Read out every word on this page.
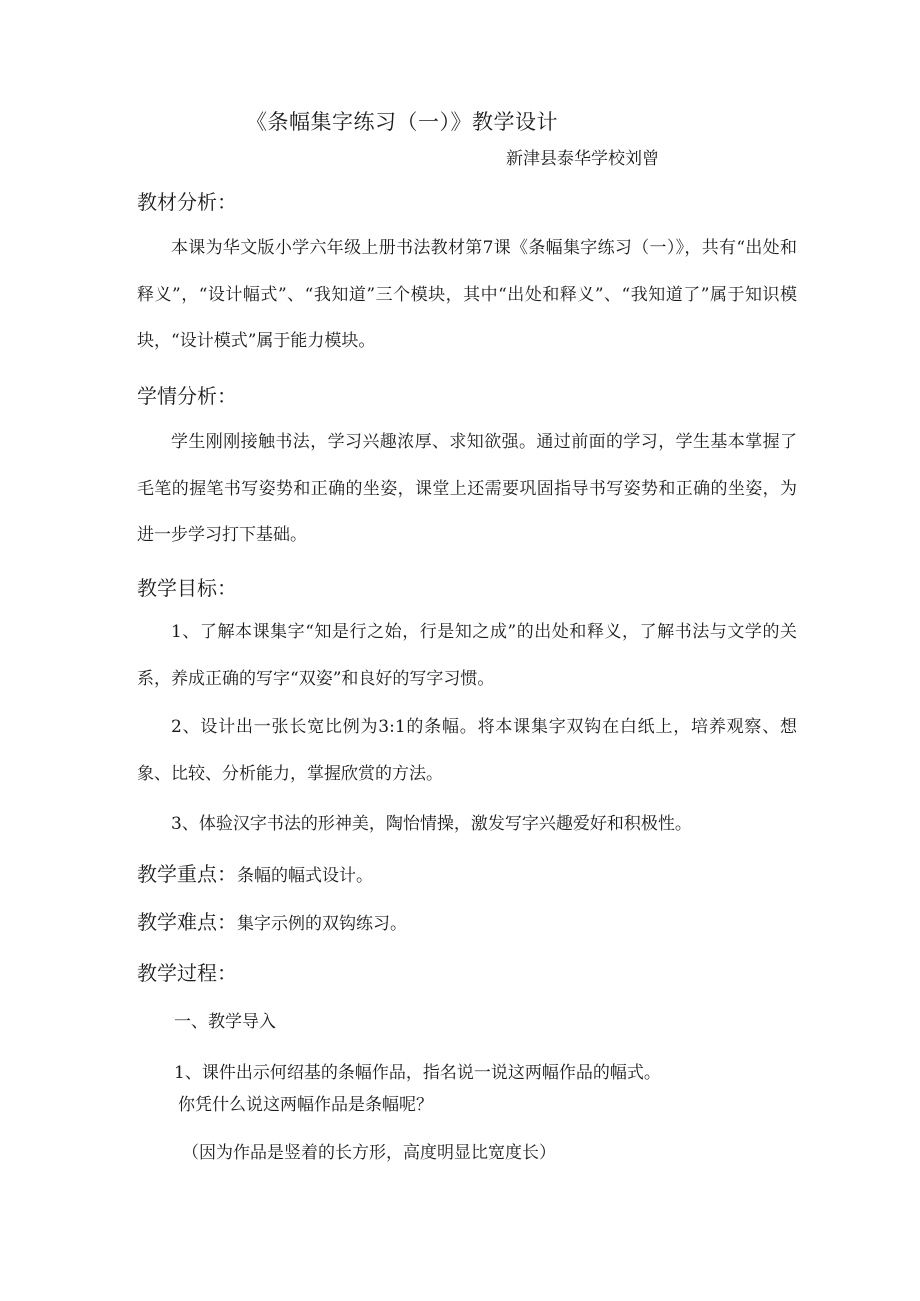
《条幅集字练习（一）》教学设计
新津县泰华学校刘曾
教材分析：

本课为华文版小学六年级上册书法教材第7课《条幅集字练习（一）》，共有“出处和释义”，“设计幅式”、“我知道”三个模块，其中“出处和释义”、“我知道了”属于知识模块，“设计模式”属于能力模块。

学情分析：

学生刚刚接触书法，学习兴趣浓厚、求知欲强。通过前面的学习，学生基本掌握了毛笔的握笔书写姿势和正确的坐姿，课堂上还需要巩固指导书写姿势和正确的坐姿，为进一步学习打下基础。

教学目标：

1、了解本课集字“知是行之始，行是知之成”的出处和释义，了解书法与文学的关系，养成正确的写字“双姿”和良好的写字习惯。

2、设计出一张长宽比例为3:1的条幅。将本课集字双钩在白纸上，培养观察、想象、比较、分析能力，掌握欣赏的方法。

3、体验汉字书法的形神美，陶怡情操，激发写字兴趣爱好和积极性。

教学重点：条幅的幅式设计。
教学难点：集字示例的双钩练习。
教学过程：
一、教学导入
1、课件出示何绍基的条幅作品，指名说一说这两幅作品的幅式。
你凭什么说这两幅作品是条幅呢？
（因为作品是竖着的长方形，高度明显比宽度长）
